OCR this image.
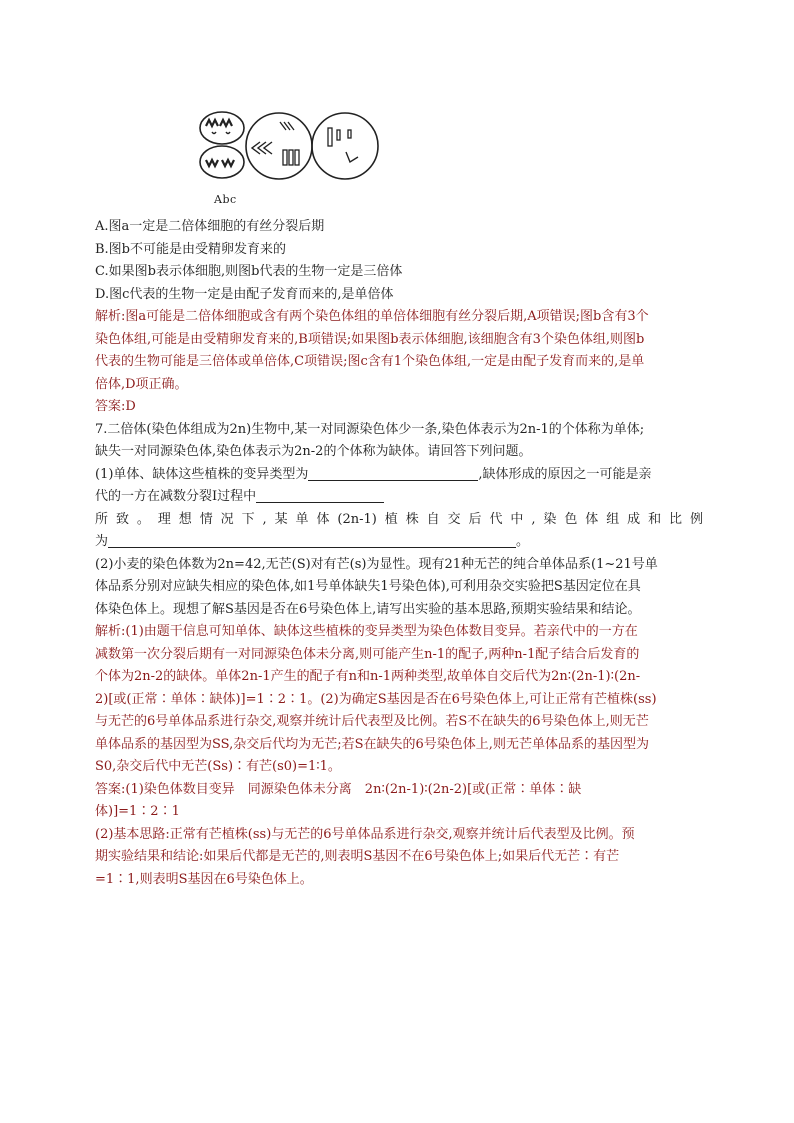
Abc

A.图a一定是二倍体细胞的有丝分裂后期

B.图b不可能是由受精卵发育来的

C.如果图b表示体细胞,则图b代表的生物一定是三倍体

D.图c代表的生物一定是由配子发育而来的,是单倍体

解析:图a可能是二倍体细胞或含有两个染色体组的单倍体细胞有丝分裂后期,A项错误;图b含有3个

染色体组,可能是由受精卵发育来的,B项错误;如果图b表示体细胞,该细胞含有3个染色体组,则图b

代表的生物可能是三倍体或单倍体,C项错误;图c含有1个染色体组,一定是由配子发育而来的,是单

倍体,D项正确。

答案:D

7.二倍体(染色体组成为2n)生物中,某一对同源染色体少一条,染色体表示为2n-1的个体称为单体;

缺失一对同源染色体,染色体表示为2n-2的个体称为缺体。请回答下列问题。

(1)单体、缺体这些植株的变异类型为	,缺体形成的原因之一可能是亲

代的一方在减数分裂Ⅰ过程中

所致。理想情况下,某单体(2n-1)植株自交后代中,染色体组成和比例

为	。

(2)小麦的染色体数为2n=42,无芒(S)对有芒(s)为显性。现有21种无芒的纯合单体品系(1~21号单

体品系分别对应缺失相应的染色体,如1号单体缺失1号染色体),可利用杂交实验把S基因定位在具

体染色体上。现想了解S基因是否在6号染色体上,请写出实验的基本思路,预期实验结果和结论。

解析:(1)由题干信息可知单体、缺体这些植株的变异类型为染色体数目变异。若亲代中的一方在

减数第一次分裂后期有一对同源染色体未分离,则可能产生n-1的配子,两种n-1配子结合后发育的

个体为2n-2的缺体。单体2n-1产生的配子有n和n-1两种类型,故单体自交后代为2n∶(2n-1)∶(2n-

2)[或(正常∶单体∶缺体)]=1∶2∶1。(2)为确定S基因是否在6号染色体上,可让正常有芒植株(ss)

与无芒的6号单体品系进行杂交,观察并统计后代表型及比例。若S不在缺失的6号染色体上,则无芒

单体品系的基因型为SS,杂交后代均为无芒;若S在缺失的6号染色体上,则无芒单体品系的基因型为

S0,杂交后代中无芒(Ss)∶有芒(s0)=1∶1。

答案:(1)染色体数目变异　同源染色体未分离　2n∶(2n-1)∶(2n-2)[或(正常∶单体∶缺

体)]=1∶2∶1

(2)基本思路:正常有芒植株(ss)与无芒的6号单体品系进行杂交,观察并统计后代表型及比例。预

期实验结果和结论:如果后代都是无芒的,则表明S基因不在6号染色体上;如果后代无芒∶有芒

=1∶1,则表明S基因在6号染色体上。
